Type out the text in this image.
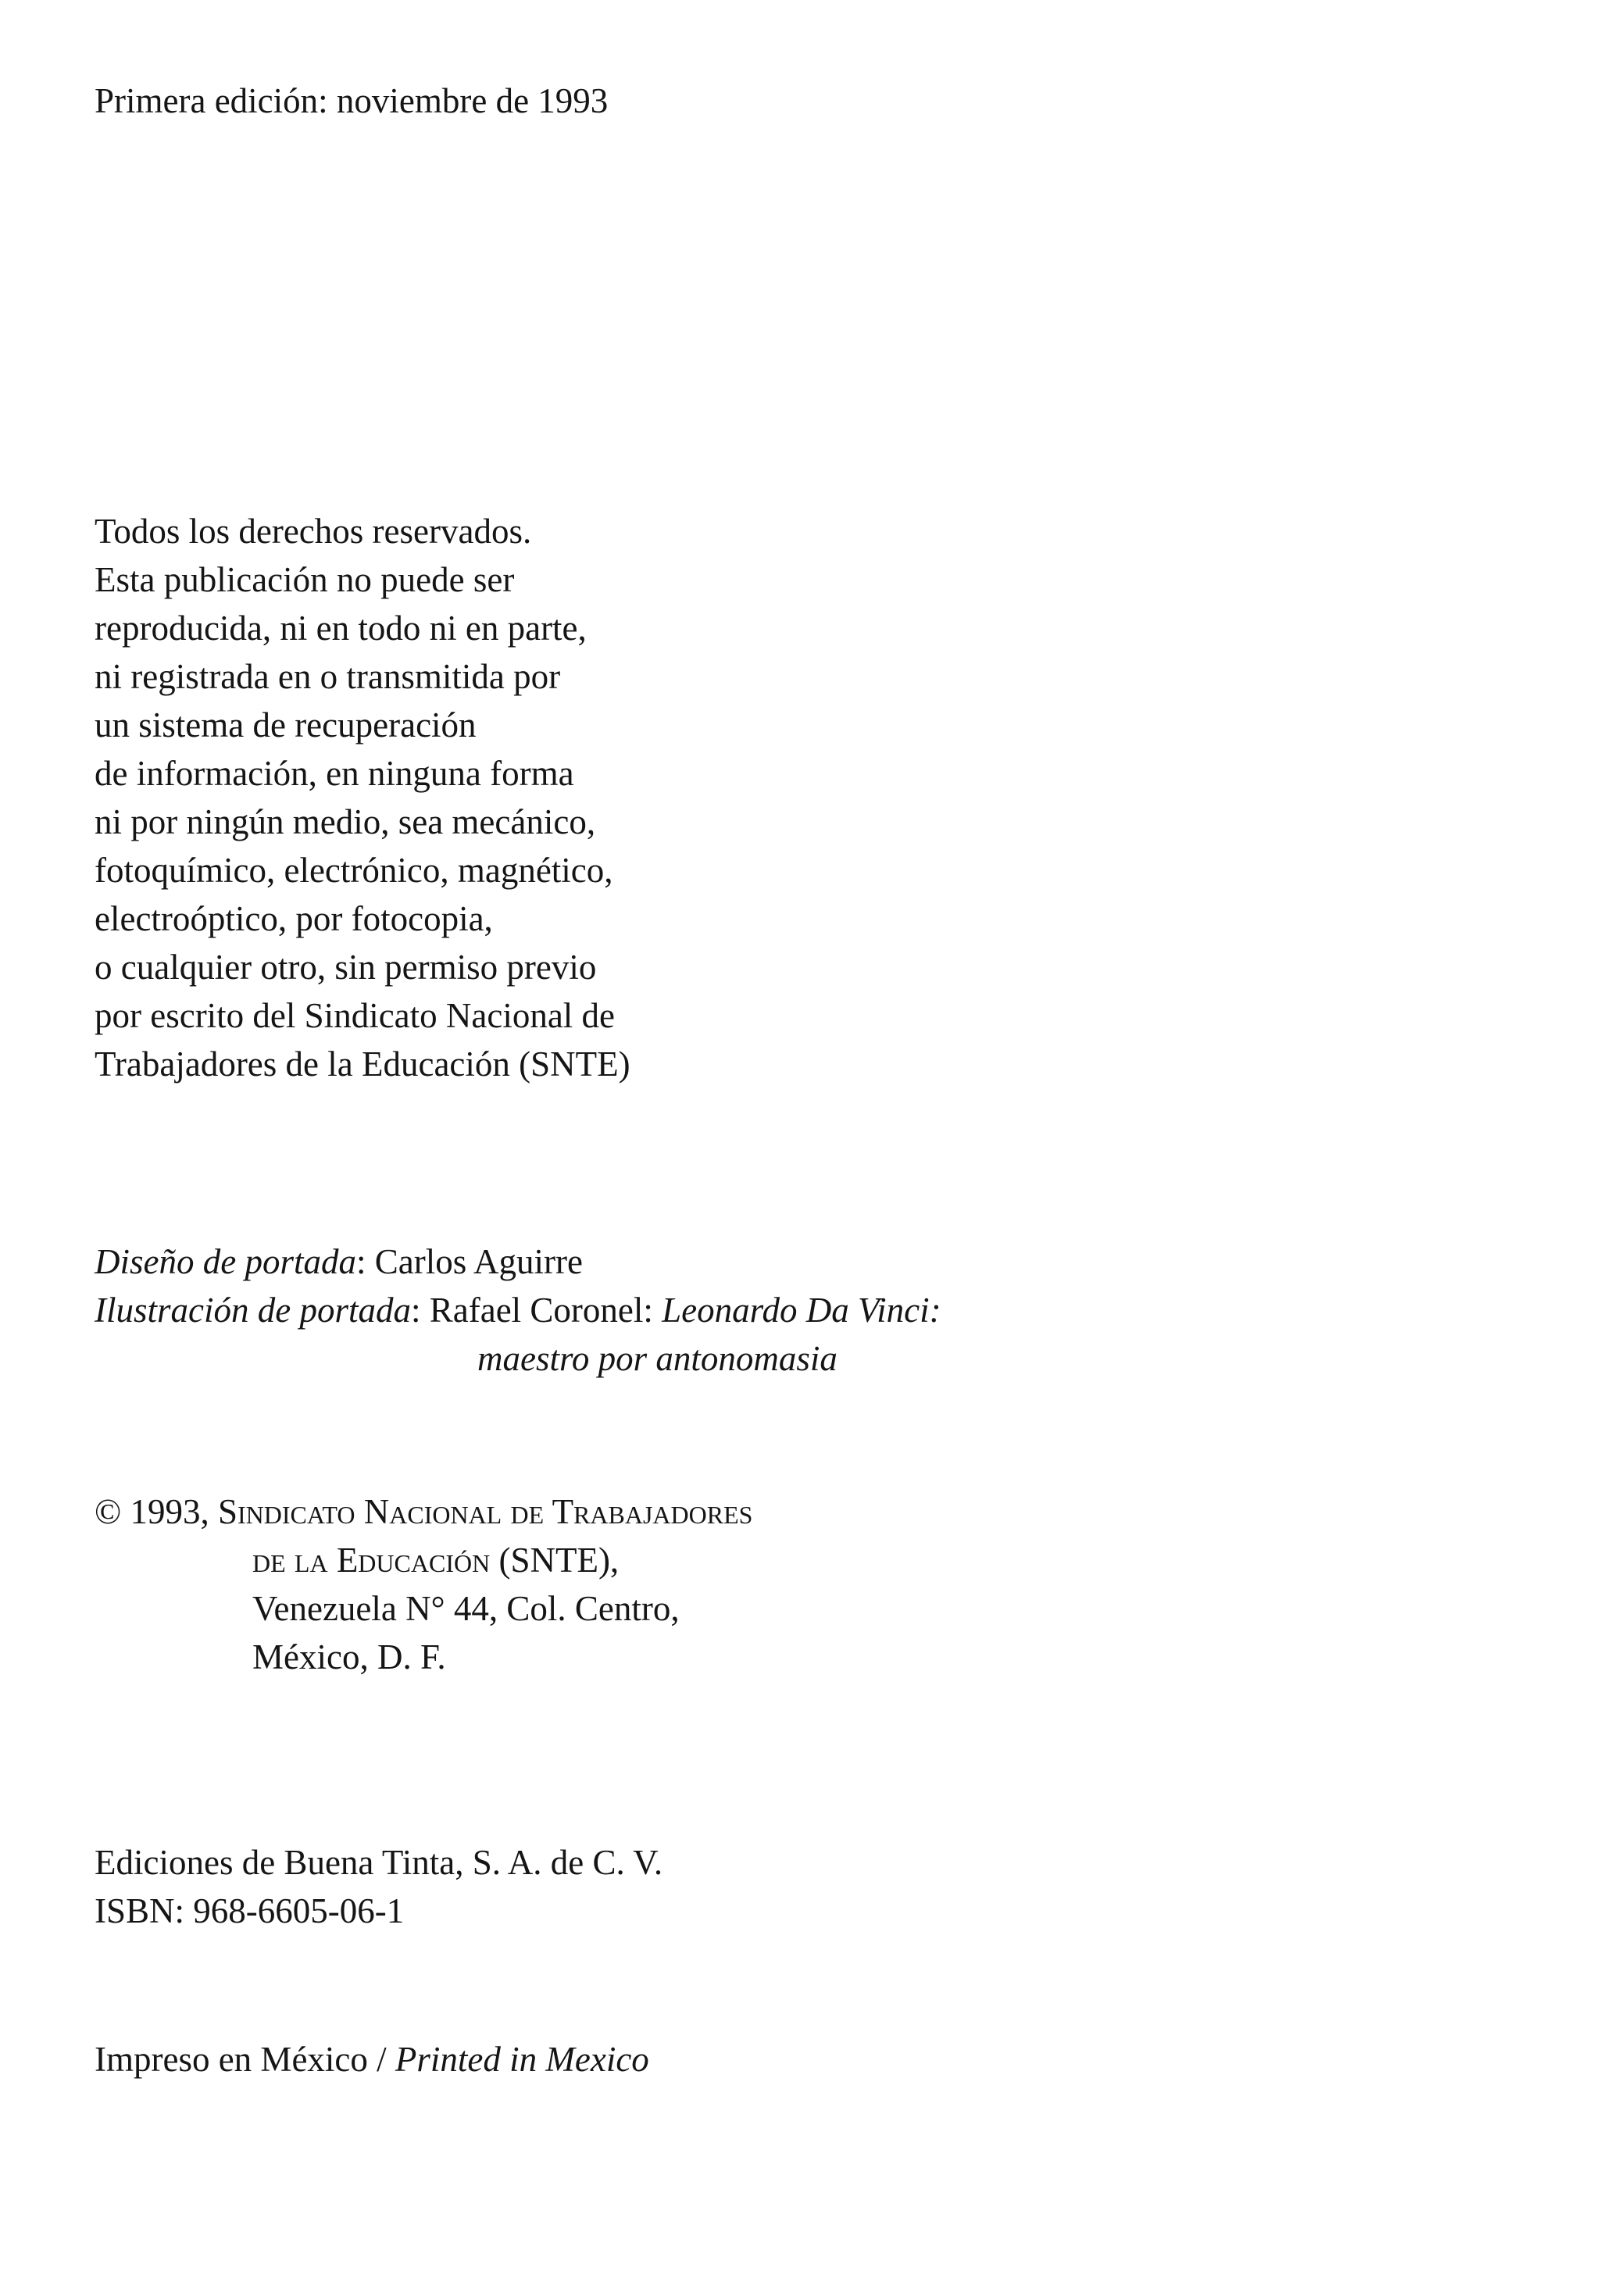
Primera edición: noviembre de 1993
Todos los derechos reservados.
Esta publicación no puede ser
reproducida, ni en todo ni en parte,
ni registrada en o transmitida por
un sistema de recuperación
de información, en ninguna forma
ni por ningún medio, sea mecánico,
fotoquímico, electrónico, magnético,
electroóptico, por fotocopia,
o cualquier otro, sin permiso previo
por escrito del Sindicato Nacional de
Trabajadores de la Educación (SNTE)
Diseño de portada: Carlos Aguirre
Ilustración de portada: Rafael Coronel: Leonardo Da Vinci:
maestro por antonomasia
© 1993, Sindicato Nacional de Trabajadores
de la Educación (SNTE),
Venezuela N° 44, Col. Centro,
México, D. F.
Ediciones de Buena Tinta, S. A. de C. V.
ISBN: 968-6605-06-1
Impreso en México / Printed in Mexico
